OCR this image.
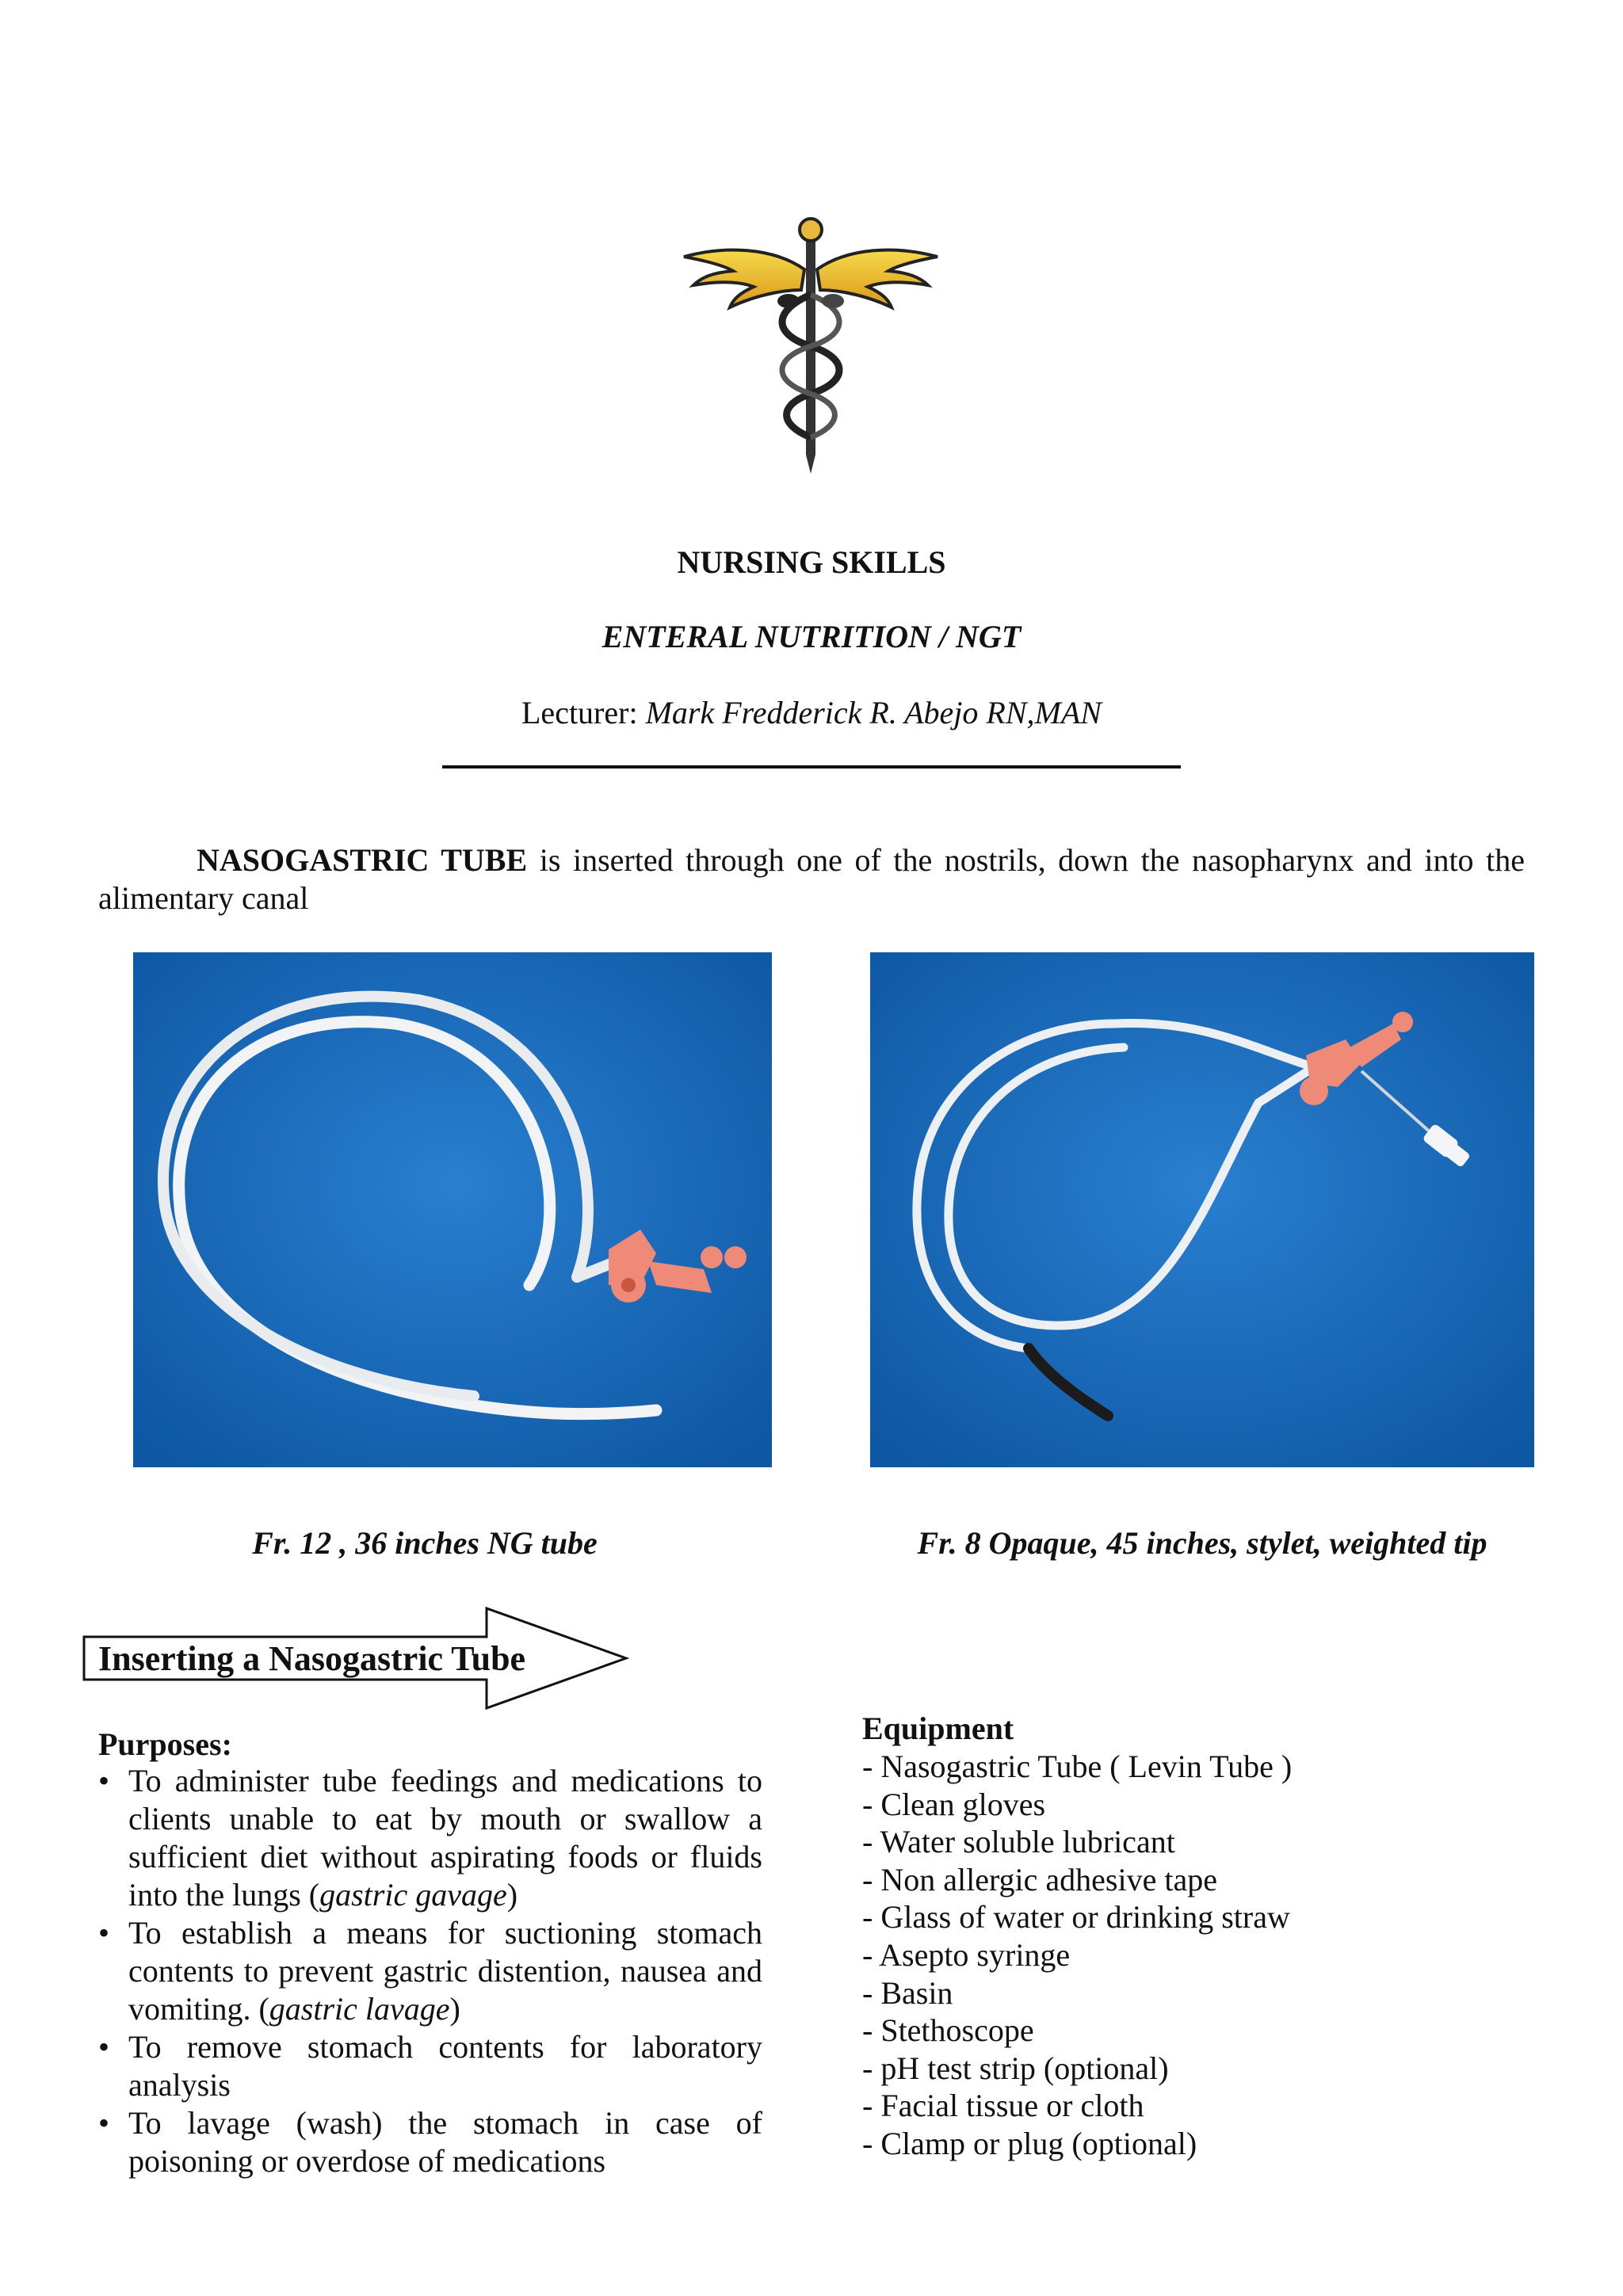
NURSING SKILLS
ENTERAL NUTRITION / NGT
Lecturer: Mark Fredderick R. Abejo RN,MAN
NASOGASTRIC TUBE is inserted through one of the nostrils, down the nasopharynx and into the alimentary canal
Fr. 12 , 36 inches NG tube	Fr. 8 Opaque, 45 inches, stylet, weighted tip
Inserting a Nasogastric Tube
Purposes:
• To administer tube feedings and medications to clients unable to eat by mouth or swallow a sufficient diet without aspirating foods or fluids into the lungs (gastric gavage)
• To establish a means for suctioning stomach contents to prevent gastric distention, nausea and vomiting. (gastric lavage)
• To remove stomach contents for laboratory analysis
• To lavage (wash) the stomach in case of poisoning or overdose of medications
Equipment
- Nasogastric Tube ( Levin Tube )
- Clean gloves
- Water soluble lubricant
- Non allergic adhesive tape
- Glass of water or drinking straw
- Asepto syringe
- Basin
- Stethoscope
- pH test strip (optional)
- Facial tissue or cloth
- Clamp or plug (optional)
